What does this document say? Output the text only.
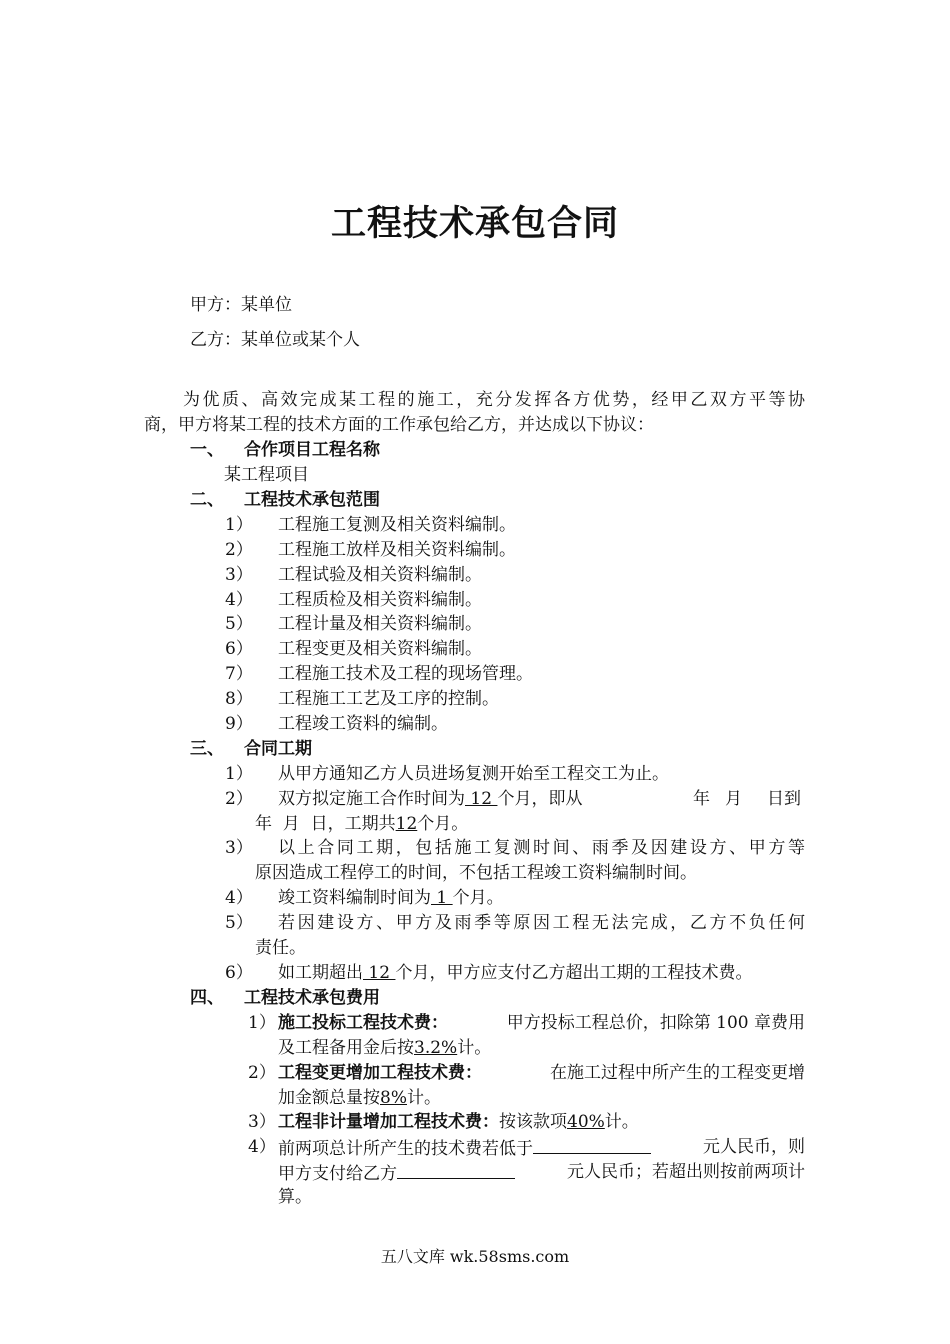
工程技术承包合同
甲方：某单位
乙方：某单位或某个人
为优质、高效完成某工程的施工，充分发挥各方优势，经甲乙双方平等协
商，甲方将某工程的技术方面的工作承包给乙方，并达成以下协议：
一、 合作项目工程名称
某工程项目
二、 工程技术承包范围
1） 工程施工复测及相关资料编制。
2） 工程施工放样及相关资料编制。
3） 工程试验及相关资料编制。
4） 工程质检及相关资料编制。
5） 工程计量及相关资料编制。
6） 工程变更及相关资料编制。
7） 工程施工技术及工程的现场管理。
8） 工程施工工艺及工序的控制。
9） 工程竣工资料的编制。
三、 合同工期
1） 从甲方通知乙方人员进场复测开始至工程交工为止。
2） 双方拟定施工合作时间为 12 个月，即从	年 月 日到
年  月  日，工期共12个月。
3） 以上合同工期，包括施工复测时间、雨季及因建设方、甲方等
原因造成工程停工的时间，不包括工程竣工资料编制时间。
4） 竣工资料编制时间为 1 个月。
5） 若因建设方、甲方及雨季等原因工程无法完成，乙方不负任何
责任。
6） 如工期超出 12 个月，甲方应支付乙方超出工期的工程技术费。
四、 工程技术承包费用
1） 施工投标工程技术费：	甲方投标工程总价，扣除第 100 章费用
及工程备用金后按3.2%计。
2） 工程变更增加工程技术费：	在施工过程中所产生的工程变更增
加金额总量按8%计。
3） 工程非计量增加工程技术费：按该款项40%计。
4） 前两项总计所产生的技术费若低于	元人民币，则
甲方支付给乙方	元人民币；若超出则按前两项计
算。
五八文库 wk.58sms.com
